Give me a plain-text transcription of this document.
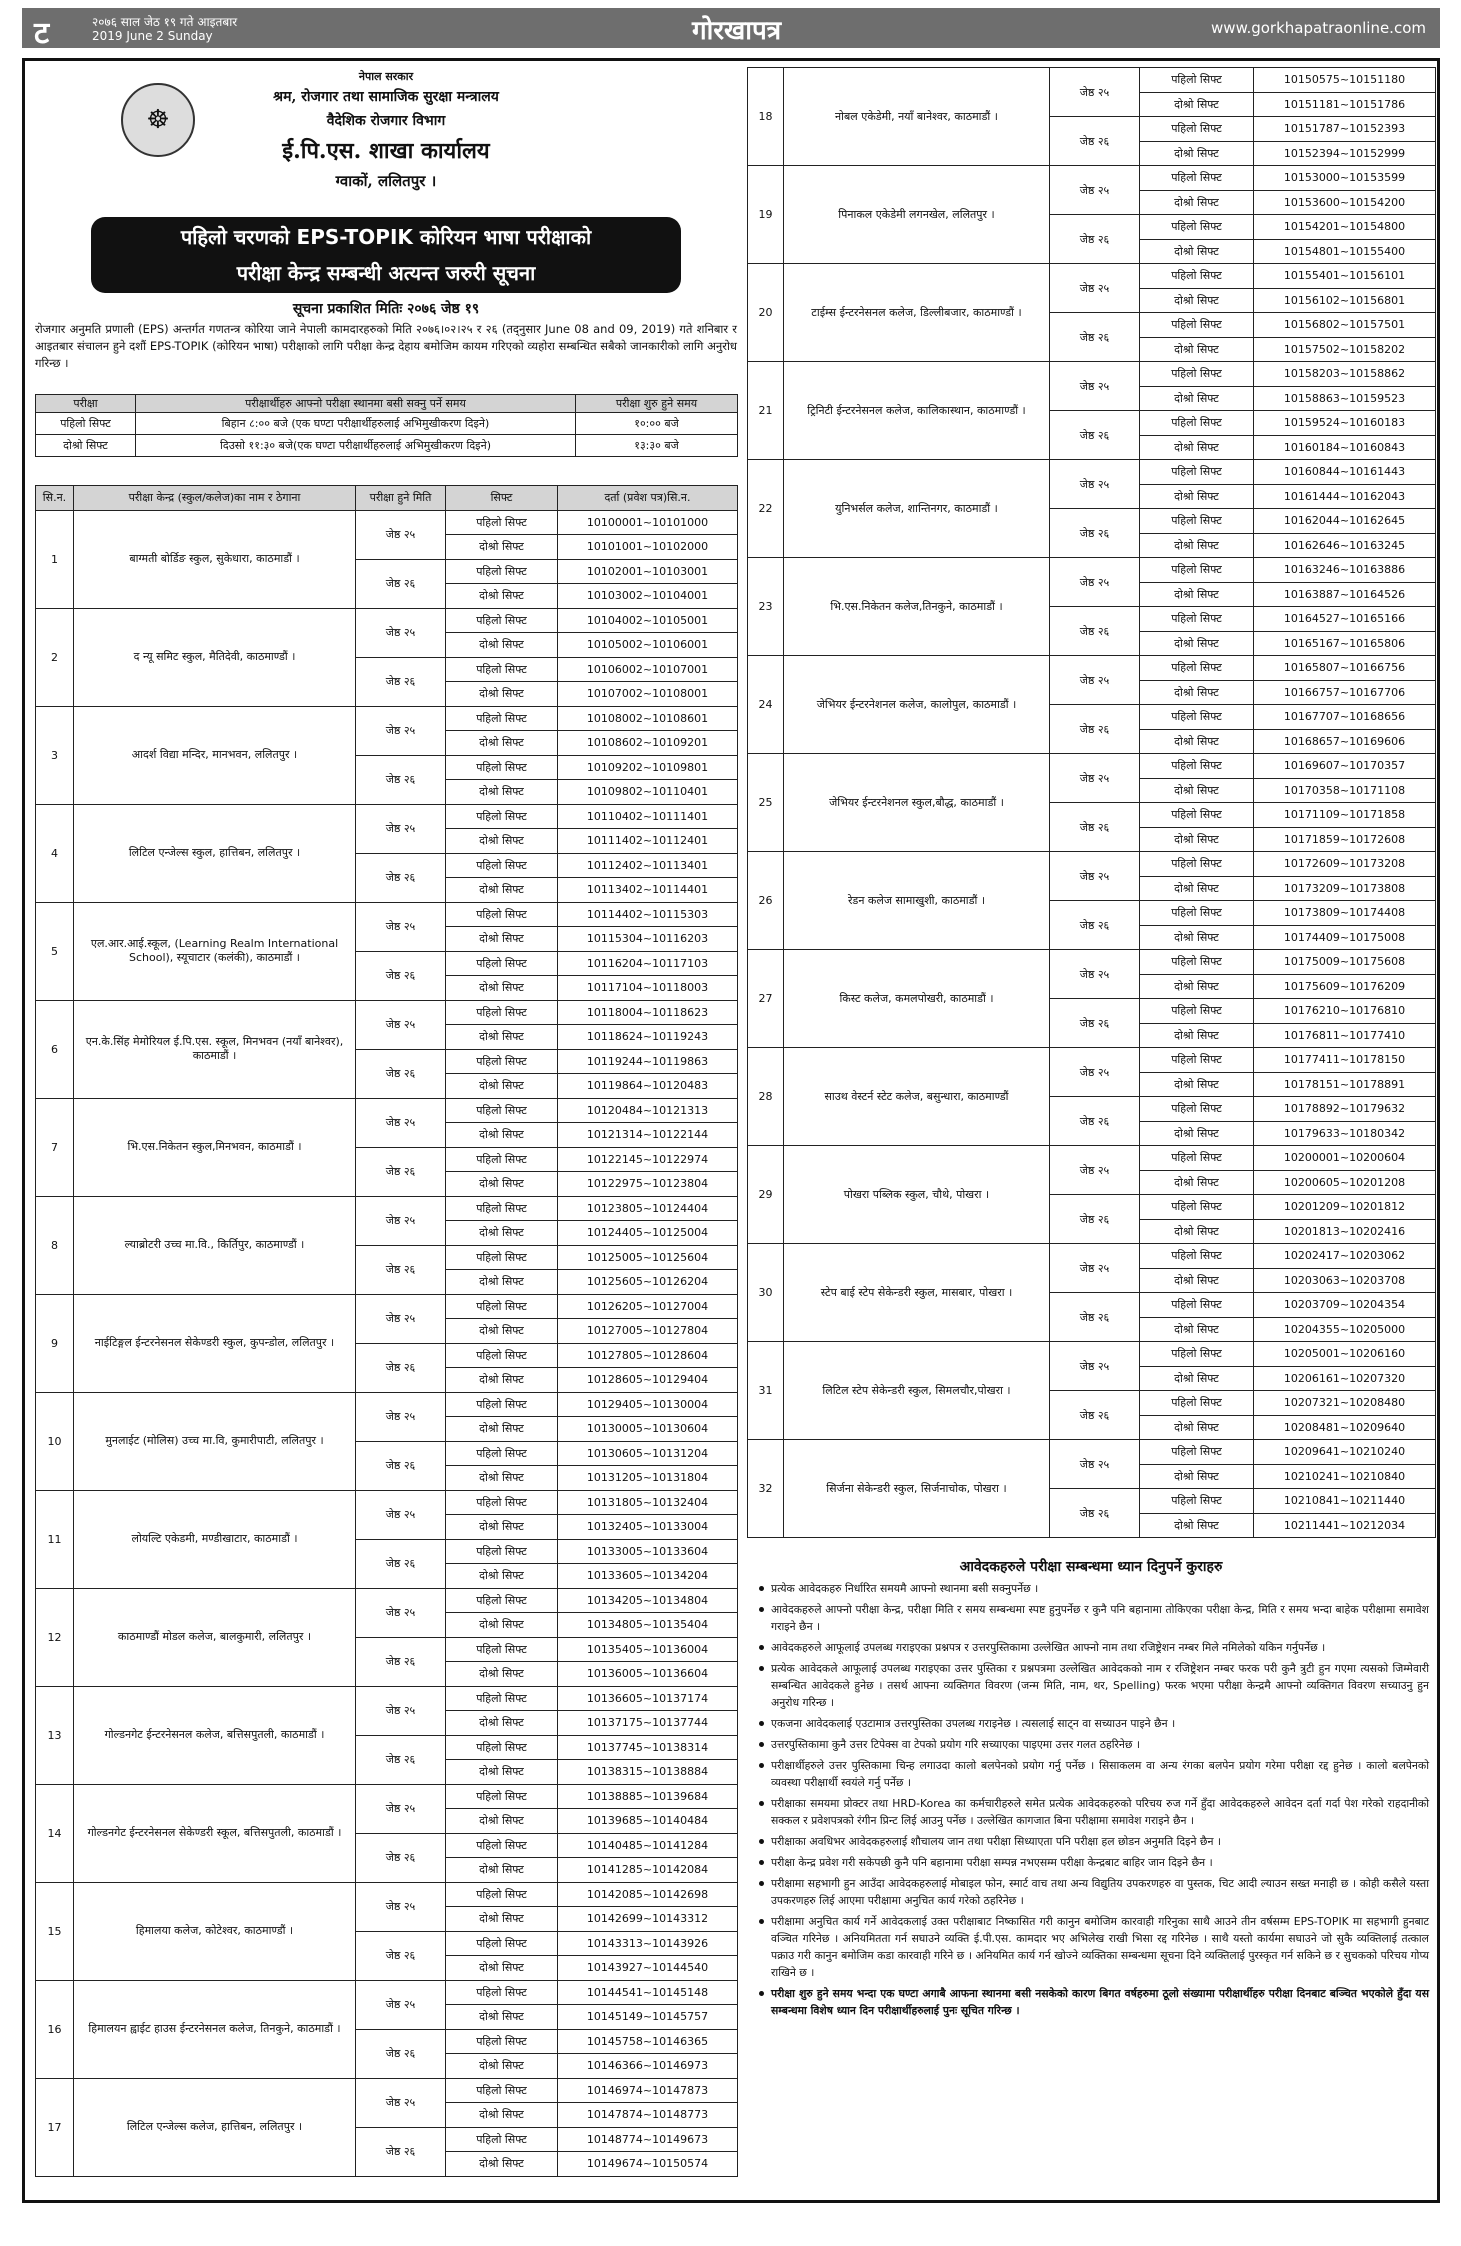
ट	२०७६ साल जेठ १९ गते आइतबार
2019 June 2 Sunday	गोरखापत्र	www.gorkhapatraonline.com
☸
नेपाल सरकार
श्रम, रोजगार तथा सामाजिक सुरक्षा मन्त्रालय
वैदेशिक रोजगार विभाग
ई.पि.एस. शाखा कार्यालय
ग्वाकों, ललितपुर ।
पहिलो चरणको EPS-TOPIK कोरियन भाषा परीक्षाको
परीक्षा केन्द्र सम्बन्धी अत्यन्त जरुरी सूचना
सूचना प्रकाशित मितिः २०७६ जेष्ठ १९
रोजगार अनुमति प्रणाली (EPS) अन्तर्गत गणतन्त्र कोरिया जाने नेपाली कामदारहरुको मिति २०७६।०२।२५ र २६ (तद्नुसार June 08 and 09, 2019) गते शनिबार र आइतबार संचालन हुने दशौं EPS-TOPIK (कोरियन भाषा) परीक्षाको लागि परीक्षा केन्द्र देहाय बमोजिम कायम गरिएको व्यहोरा सम्बन्धित सबैको जानकारीको लागि अनुरोध गरिन्छ ।
परीक्षा	परीक्षार्थीहरु आफ्नो परीक्षा स्थानमा बसी सक्नु पर्ने समय	परीक्षा शुरु हुने समय
पहिलो सिफ्ट	बिहान ८:०० बजे (एक घण्टा परीक्षार्थीहरुलाई अभिमुखीकरण दिइने)	१०:०० बजे
दोश्रो सिफ्ट	दिउसो ११:३० बजे(एक घण्टा परीक्षार्थीहरुलाई अभिमुखीकरण दिइने)	१३:३० बजे
सि.न.	परीक्षा केन्द्र (स्कुल/कलेज)का नाम र ठेगाना	परीक्षा हुने मिति	सिफ्ट	दर्ता (प्रवेश पत्र)सि.न.
1	बाग्मती बोर्डिङ स्कुल, सुकेधारा, काठमाडौं ।	जेष्ठ २५	पहिलो सिफ्ट	10100001~10101000
			दोश्रो सिफ्ट	10101001~10102000
		जेष्ठ २६	पहिलो सिफ्ट	10102001~10103001
			दोश्रो सिफ्ट	10103002~10104001
2	द न्यू समिट स्कुल, मैतिदेवी, काठमाण्डौं ।	जेष्ठ २५	पहिलो सिफ्ट	10104002~10105001
			दोश्रो सिफ्ट	10105002~10106001
		जेष्ठ २६	पहिलो सिफ्ट	10106002~10107001
			दोश्रो सिफ्ट	10107002~10108001
3	आदर्श विद्या मन्दिर, मानभवन, ललितपुर ।	जेष्ठ २५	पहिलो सिफ्ट	10108002~10108601
			दोश्रो सिफ्ट	10108602~10109201
		जेष्ठ २६	पहिलो सिफ्ट	10109202~10109801
			दोश्रो सिफ्ट	10109802~10110401
4	लिटिल एन्जेल्स स्कुल, हात्तिबन, ललितपुर ।	जेष्ठ २५	पहिलो सिफ्ट	10110402~10111401
			दोश्रो सिफ्ट	10111402~10112401
		जेष्ठ २६	पहिलो सिफ्ट	10112402~10113401
			दोश्रो सिफ्ट	10113402~10114401
5	एल.आर.आई.स्कूल, (Learning Realm International School), स्यूचाटार (कलंकी), काठमाडौं ।	जेष्ठ २५	पहिलो सिफ्ट	10114402~10115303
			दोश्रो सिफ्ट	10115304~10116203
		जेष्ठ २६	पहिलो सिफ्ट	10116204~10117103
			दोश्रो सिफ्ट	10117104~10118003
6	एन.के.सिंह मेमोरियल ई.पि.एस. स्कूल, मिनभवन (नयाँ बानेश्वर), काठमाडौं ।	जेष्ठ २५	पहिलो सिफ्ट	10118004~10118623
			दोश्रो सिफ्ट	10118624~10119243
		जेष्ठ २६	पहिलो सिफ्ट	10119244~10119863
			दोश्रो सिफ्ट	10119864~10120483
7	भि.एस.निकेतन स्कुल,मिनभवन, काठमाडौं ।	जेष्ठ २५	पहिलो सिफ्ट	10120484~10121313
			दोश्रो सिफ्ट	10121314~10122144
		जेष्ठ २६	पहिलो सिफ्ट	10122145~10122974
			दोश्रो सिफ्ट	10122975~10123804
8	ल्याब्रोटरी उच्च मा.वि., किर्तिपुर, काठमाण्डौं ।	जेष्ठ २५	पहिलो सिफ्ट	10123805~10124404
			दोश्रो सिफ्ट	10124405~10125004
		जेष्ठ २६	पहिलो सिफ्ट	10125005~10125604
			दोश्रो सिफ्ट	10125605~10126204
9	नाईटिङ्गल ईन्टरनेसनल सेकेण्डरी स्कुल, कुपन्डोल, ललितपुर ।	जेष्ठ २५	पहिलो सिफ्ट	10126205~10127004
			दोश्रो सिफ्ट	10127005~10127804
		जेष्ठ २६	पहिलो सिफ्ट	10127805~10128604
			दोश्रो सिफ्ट	10128605~10129404
10	मुनलाईट (मोलिस) उच्च मा.वि, कुमारीपाटी, ललितपुर ।	जेष्ठ २५	पहिलो सिफ्ट	10129405~10130004
			दोश्रो सिफ्ट	10130005~10130604
		जेष्ठ २६	पहिलो सिफ्ट	10130605~10131204
			दोश्रो सिफ्ट	10131205~10131804
11	लोयल्टि एकेडमी, मण्डीखाटार, काठमाडौं ।	जेष्ठ २५	पहिलो सिफ्ट	10131805~10132404
			दोश्रो सिफ्ट	10132405~10133004
		जेष्ठ २६	पहिलो सिफ्ट	10133005~10133604
			दोश्रो सिफ्ट	10133605~10134204
12	काठमाण्डौं मोडल कलेज, बालकुमारी, ललितपुर ।	जेष्ठ २५	पहिलो सिफ्ट	10134205~10134804
			दोश्रो सिफ्ट	10134805~10135404
		जेष्ठ २६	पहिलो सिफ्ट	10135405~10136004
			दोश्रो सिफ्ट	10136005~10136604
13	गोल्डनगेट ईन्टरनेसनल कलेज, बत्तिसपुतली, काठमाडौं ।	जेष्ठ २५	पहिलो सिफ्ट	10136605~10137174
			दोश्रो सिफ्ट	10137175~10137744
		जेष्ठ २६	पहिलो सिफ्ट	10137745~10138314
			दोश्रो सिफ्ट	10138315~10138884
14	गोल्डनगेट ईन्टरनेसनल सेकेण्डरी स्कूल, बत्तिसपुतली, काठमाडौं ।	जेष्ठ २५	पहिलो सिफ्ट	10138885~10139684
			दोश्रो सिफ्ट	10139685~10140484
		जेष्ठ २६	पहिलो सिफ्ट	10140485~10141284
			दोश्रो सिफ्ट	10141285~10142084
15	हिमालया कलेज, कोटेश्वर, काठमाण्डौं ।	जेष्ठ २५	पहिलो सिफ्ट	10142085~10142698
			दोश्रो सिफ्ट	10142699~10143312
		जेष्ठ २६	पहिलो सिफ्ट	10143313~10143926
			दोश्रो सिफ्ट	10143927~10144540
16	हिमालयन ह्वाईट हाउस ईन्टरनेसनल कलेज, तिनकुने, काठमाडौं ।	जेष्ठ २५	पहिलो सिफ्ट	10144541~10145148
			दोश्रो सिफ्ट	10145149~10145757
		जेष्ठ २६	पहिलो सिफ्ट	10145758~10146365
			दोश्रो सिफ्ट	10146366~10146973
17	लिटिल एन्जेल्स कलेज, हात्तिबन, ललितपुर ।	जेष्ठ २५	पहिलो सिफ्ट	10146974~10147873
			दोश्रो सिफ्ट	10147874~10148773
		जेष्ठ २६	पहिलो सिफ्ट	10148774~10149673
			दोश्रो सिफ्ट	10149674~10150574
18	नोबल एकेडेमी, नयाँ बानेश्वर, काठमाडौं ।	जेष्ठ २५	पहिलो सिफ्ट	10150575~10151180
			दोश्रो सिफ्ट	10151181~10151786
		जेष्ठ २६	पहिलो सिफ्ट	10151787~10152393
			दोश्रो सिफ्ट	10152394~10152999
19	पिनाकल एकेडेमी लगनखेल, ललितपुर ।	जेष्ठ २५	पहिलो सिफ्ट	10153000~10153599
			दोश्रो सिफ्ट	10153600~10154200
		जेष्ठ २६	पहिलो सिफ्ट	10154201~10154800
			दोश्रो सिफ्ट	10154801~10155400
20	टाईम्स ईन्टरनेसनल कलेज, डिल्लीबजार, काठमाण्डौं ।	जेष्ठ २५	पहिलो सिफ्ट	10155401~10156101
			दोश्रो सिफ्ट	10156102~10156801
		जेष्ठ २६	पहिलो सिफ्ट	10156802~10157501
			दोश्रो सिफ्ट	10157502~10158202
21	ट्रिनिटी ईन्टरनेसनल कलेज, कालिकास्थान, काठमाण्डौं ।	जेष्ठ २५	पहिलो सिफ्ट	10158203~10158862
			दोश्रो सिफ्ट	10158863~10159523
		जेष्ठ २६	पहिलो सिफ्ट	10159524~10160183
			दोश्रो सिफ्ट	10160184~10160843
22	युनिभर्सल कलेज, शान्तिनगर, काठमाडौं ।	जेष्ठ २५	पहिलो सिफ्ट	10160844~10161443
			दोश्रो सिफ्ट	10161444~10162043
		जेष्ठ २६	पहिलो सिफ्ट	10162044~10162645
			दोश्रो सिफ्ट	10162646~10163245
23	भि.एस.निकेतन कलेज,तिनकुने, काठमाडौं ।	जेष्ठ २५	पहिलो सिफ्ट	10163246~10163886
			दोश्रो सिफ्ट	10163887~10164526
		जेष्ठ २६	पहिलो सिफ्ट	10164527~10165166
			दोश्रो सिफ्ट	10165167~10165806
24	जेभियर ईन्टरनेशनल कलेज, कालोपुल, काठमाडौं ।	जेष्ठ २५	पहिलो सिफ्ट	10165807~10166756
			दोश्रो सिफ्ट	10166757~10167706
		जेष्ठ २६	पहिलो सिफ्ट	10167707~10168656
			दोश्रो सिफ्ट	10168657~10169606
25	जेभियर ईन्टरनेशनल स्कुल,बौद्ध, काठमाडौं ।	जेष्ठ २५	पहिलो सिफ्ट	10169607~10170357
			दोश्रो सिफ्ट	10170358~10171108
		जेष्ठ २६	पहिलो सिफ्ट	10171109~10171858
			दोश्रो सिफ्ट	10171859~10172608
26	रेडन कलेज सामाखुशी, काठमाडौं ।	जेष्ठ २५	पहिलो सिफ्ट	10172609~10173208
			दोश्रो सिफ्ट	10173209~10173808
		जेष्ठ २६	पहिलो सिफ्ट	10173809~10174408
			दोश्रो सिफ्ट	10174409~10175008
27	किस्ट कलेज, कमलपोखरी, काठमाडौं ।	जेष्ठ २५	पहिलो सिफ्ट	10175009~10175608
			दोश्रो सिफ्ट	10175609~10176209
		जेष्ठ २६	पहिलो सिफ्ट	10176210~10176810
			दोश्रो सिफ्ट	10176811~10177410
28	साउथ वेस्टर्न स्टेट कलेज, बसुन्धारा, काठमाण्डौं	जेष्ठ २५	पहिलो सिफ्ट	10177411~10178150
			दोश्रो सिफ्ट	10178151~10178891
		जेष्ठ २६	पहिलो सिफ्ट	10178892~10179632
			दोश्रो सिफ्ट	10179633~10180342
29	पोखरा पब्लिक स्कुल, चौथे, पोखरा ।	जेष्ठ २५	पहिलो सिफ्ट	10200001~10200604
			दोश्रो सिफ्ट	10200605~10201208
		जेष्ठ २६	पहिलो सिफ्ट	10201209~10201812
			दोश्रो सिफ्ट	10201813~10202416
30	स्टेप बाई स्टेप सेकेन्डरी स्कुल, मासबार, पोखरा ।	जेष्ठ २५	पहिलो सिफ्ट	10202417~10203062
			दोश्रो सिफ्ट	10203063~10203708
		जेष्ठ २६	पहिलो सिफ्ट	10203709~10204354
			दोश्रो सिफ्ट	10204355~10205000
31	लिटिल स्टेप सेकेन्डरी स्कुल, सिमलचौर,पोखरा ।	जेष्ठ २५	पहिलो सिफ्ट	10205001~10206160
			दोश्रो सिफ्ट	10206161~10207320
		जेष्ठ २६	पहिलो सिफ्ट	10207321~10208480
			दोश्रो सिफ्ट	10208481~10209640
32	सिर्जना सेकेन्डरी स्कुल, सिर्जनाचोक, पोखरा ।	जेष्ठ २५	पहिलो सिफ्ट	10209641~10210240
			दोश्रो सिफ्ट	10210241~10210840
		जेष्ठ २६	पहिलो सिफ्ट	10210841~10211440
			दोश्रो सिफ्ट	10211441~10212034
आवेदकहरुले परीक्षा सम्बन्धमा ध्यान दिनुपर्ने कुराहरु
प्रत्येक आवेदकहरु निर्धारित समयमै आफ्नो स्थानमा बसी सक्नुपर्नेछ ।
आवेदकहरुले आफ्नो परीक्षा केन्द्र, परीक्षा मिति र समय सम्बन्धमा स्पष्ट हुनुपर्नेछ र कुनै पनि बहानामा तोकिएका परीक्षा केन्द्र, मिति र समय भन्दा बाहेक परीक्षामा समावेश गराइने छैन ।
आवेदकहरुले आफूलाई उपलब्ध गराइएका प्रश्नपत्र र उत्तरपुस्तिकामा उल्लेखित आफ्नो नाम तथा रजिष्ट्रेशन नम्बर मिले नमिलेको यकिन गर्नुपर्नेछ ।
प्रत्येक आवेदकले आफूलाई उपलब्ध गराइएका उत्तर पुस्तिका र प्रश्नपत्रमा उल्लेखित आवेदकको नाम र रजिष्ट्रेशन नम्बर फरक परी कुनै त्रुटी हुन गएमा त्यसको जिम्मेवारी सम्बन्धित आवेदकले हुनेछ । तसर्थ आफ्ना व्यक्तिगत विवरण (जन्म मिति, नाम, थर, Spelling) फरक भएमा परीक्षा केन्द्रमै आफ्नो व्यक्तिगत विवरण सच्याउनु हुन अनुरोध गरिन्छ ।
एकजना आवेदकलाई एउटामात्र उत्तरपुस्तिका उपलब्ध गराइनेछ । त्यसलाई साट्न वा सच्याउन पाइने छैन ।
उत्तरपुस्तिकामा कुनै उत्तर टिपेक्स वा टेपको प्रयोग गरि सच्याएका पाइएमा उत्तर गलत ठहरिनेछ ।
परीक्षार्थीहरुले उत्तर पुस्तिकामा चिन्ह लगाउदा कालो बलपेनको प्रयोग गर्नु पर्नेछ । सिसाकलम वा अन्य रंगका बलपेन प्रयोग गरेमा परीक्षा रद्द हुनेछ । कालो बलपेनको व्यवस्था परीक्षार्थी स्वयंले गर्नु पर्नेछ ।
परीक्षाका समयमा प्रोक्टर तथा HRD-Korea का कर्मचारीहरुले समेत प्रत्येक आवेदकहरुको परिचय रुज गर्ने हुँदा आवेदकहरुले आवेदन दर्ता गर्दा पेश गरेको राहदानीको सक्कल र प्रवेशपत्रको रंगीन प्रिन्ट लिई आउनु पर्नेछ । उल्लेखित कागजात बिना परीक्षामा समावेश गराइने छैन ।
परीक्षाका अवधिभर आवेदकहरुलाई शौचालय जान तथा परीक्षा सिध्याएता पनि परीक्षा हल छोडन अनुमति दिइने छैन ।
परीक्षा केन्द्र प्रवेश गरी सकेपछी कुनै पनि बहानामा परीक्षा सम्पन्न नभएसम्म परीक्षा केन्द्रबाट बाहिर जान दिइने छैन ।
परीक्षामा सहभागी हुन आउँदा आवेदकहरुलाई मोबाइल फोन, स्मार्ट वाच तथा अन्य विद्युतिय उपकरणहरु वा पुस्तक, चिट आदी ल्याउन सख्त मनाही छ । कोही कसैले यस्ता उपकरणहरु लिई आएमा परीक्षामा अनुचित कार्य गरेको ठहरिनेछ ।
परीक्षामा अनुचित कार्य गर्ने आवेदकलाई उक्त परीक्षाबाट निष्कासित गरी कानुन बमोजिम कारवाही गरिनुका साथै आउने तीन वर्षसम्म EPS-TOPIK मा सहभागी हुनबाट वञ्चित गरिनेछ । अनियमितता गर्न सघाउने व्यक्ति ई.पी.एस. कामदार भए अभिलेख राखी भिसा रद्द गरिनेछ । साथै यस्तो कार्यमा सघाउने जो सुकै व्यक्तिलाई तत्काल पक्राउ गरी कानुन बमोजिम कडा कारवाही गरिने छ । अनियमित कार्य गर्न खोज्ने व्यक्तिका सम्बन्धमा सूचना दिने व्यक्तिलाई पुरस्कृत गर्न सकिने छ र सुचकको परिचय गोप्य राखिने छ ।
परीक्षा शुरु हुने समय भन्दा एक घण्टा अगाबै आफना स्थानमा बसी नसकेको कारण बिगत वर्षहरुमा ठूलो संख्यामा परीक्षार्थीहरु परीक्षा दिनबाट बञ्चित भएकोले हुँदा यस सम्बन्धमा विशेष ध्यान दिन परीक्षार्थीहरुलाई पुनः सूचित गरिन्छ ।
